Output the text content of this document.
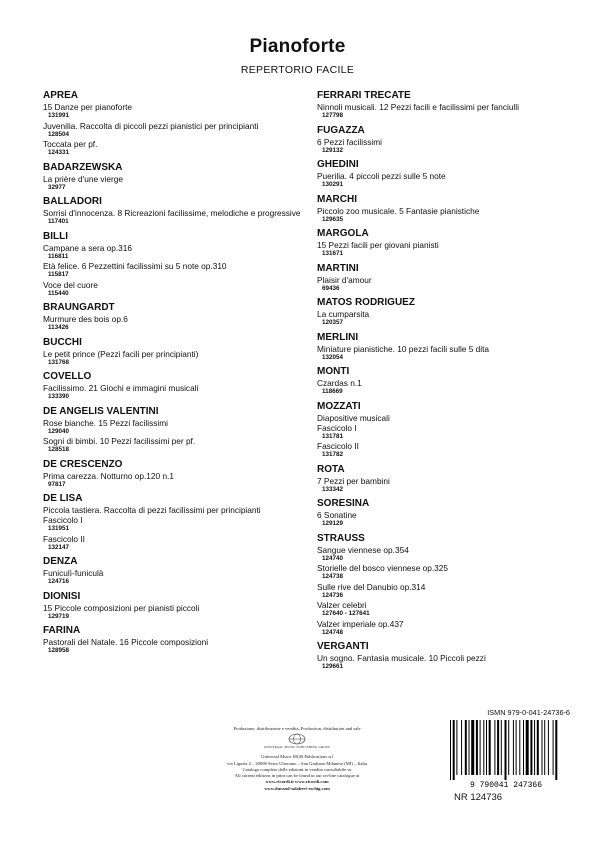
Pianoforte
REPERTORIO FACILE
APREA
15 Danze per pianoforte
131991
Juvenilia. Raccolta di piccoli pezzi pianistici per principianti
128504
Toccata per pf.
124331
BADARZEWSKA
La prière d'une vierge
32977
BALLADORI
Sorrisi d'innocenza. 8 Ricreazioni facilissime, melodiche e progressive
117401
BILLI
Campane a sera op.316
116811
Età felice. 6 Pezzettini facilissimi su 5 note op.310
115817
Voce del cuore
115440
BRAUNGARDT
Murmure des bois op.6
113426
BUCCHI
Le petit prince (Pezzi facili per principianti)
131768
COVELLO
Facilissimo. 21 Giochi e immagini musicali
133390
DE ANGELIS VALENTINI
Rose bianche. 15 Pezzi facilissimi
129040
Sogni di bimbi. 10 Pezzi facilissimi per pf.
128518
DE CRESCENZO
Prima carezza. Notturno op.120 n.1
97817
DE LISA
Piccola tastiera. Raccolta di pezzi facilissimi per principianti
Fascicolo I
131951
Fascicolo II
132147
DENZA
Funiculì-funiculà
124716
DIONISI
15 Piccole composizioni per pianisti piccoli
129719
FARINA
Pastorali del Natale. 16 Piccole composizioni
128958
FERRARI TRECATE
Ninnoli musicali. 12 Pezzi facili e facilissimi per fanciulli
127798
FUGAZZA
6 Pezzi facilissimi
129132
GHEDINI
Puerilia. 4 piccoli pezzi sulle 5 note
130291
MARCHI
Piccolo zoo musicale. 5 Fantasie pianistiche
129635
MARGOLA
15 Pezzi facili per giovani pianisti
131671
MARTINI
Plaisir d'amour
69436
MATOS RODRIGUEZ
La cumparsita
120357
MERLINI
Miniature pianistiche. 10 pezzi facili sulle 5 dita
132054
MONTI
Czardas n.1
118669
MOZZATI
Diapositive musicali
Fascicolo I
131781
Fascicolo II
131782
ROTA
7 Pezzi per bambini
133342
SORESINA
6 Sonatine
129129
STRAUSS
Sangue viennese op.354
124740
Storielle del bosco viennese op.325
124738
Sulle rive del Danubio op.314
124736
Valzer celebri
127640 - 127641
Valzer imperiale op.437
124748
VERGANTI
Un sogno. Fantasia musicale. 10 Piccoli pezzi
129661
Produzione, distribuzione e vendita–Production, distribution and sale
UNIVERSAL MUSIC PUBLISHING GROUP
Universal Music MGB Publications srl
via Liguria 4 – 20098 Sesto Ulteriano – San Giuliano Milanese (MI) – Italia
Catalogo completo delle edizioni in vendita consultabile su
All current editions in print can be found in our on-line catalogue at
www.ricordi.it www.ricordi.com
www.durand-salabert-eschig.com
ISMN 979-0-041-24736-6
9 790041 247366
NR 124736
